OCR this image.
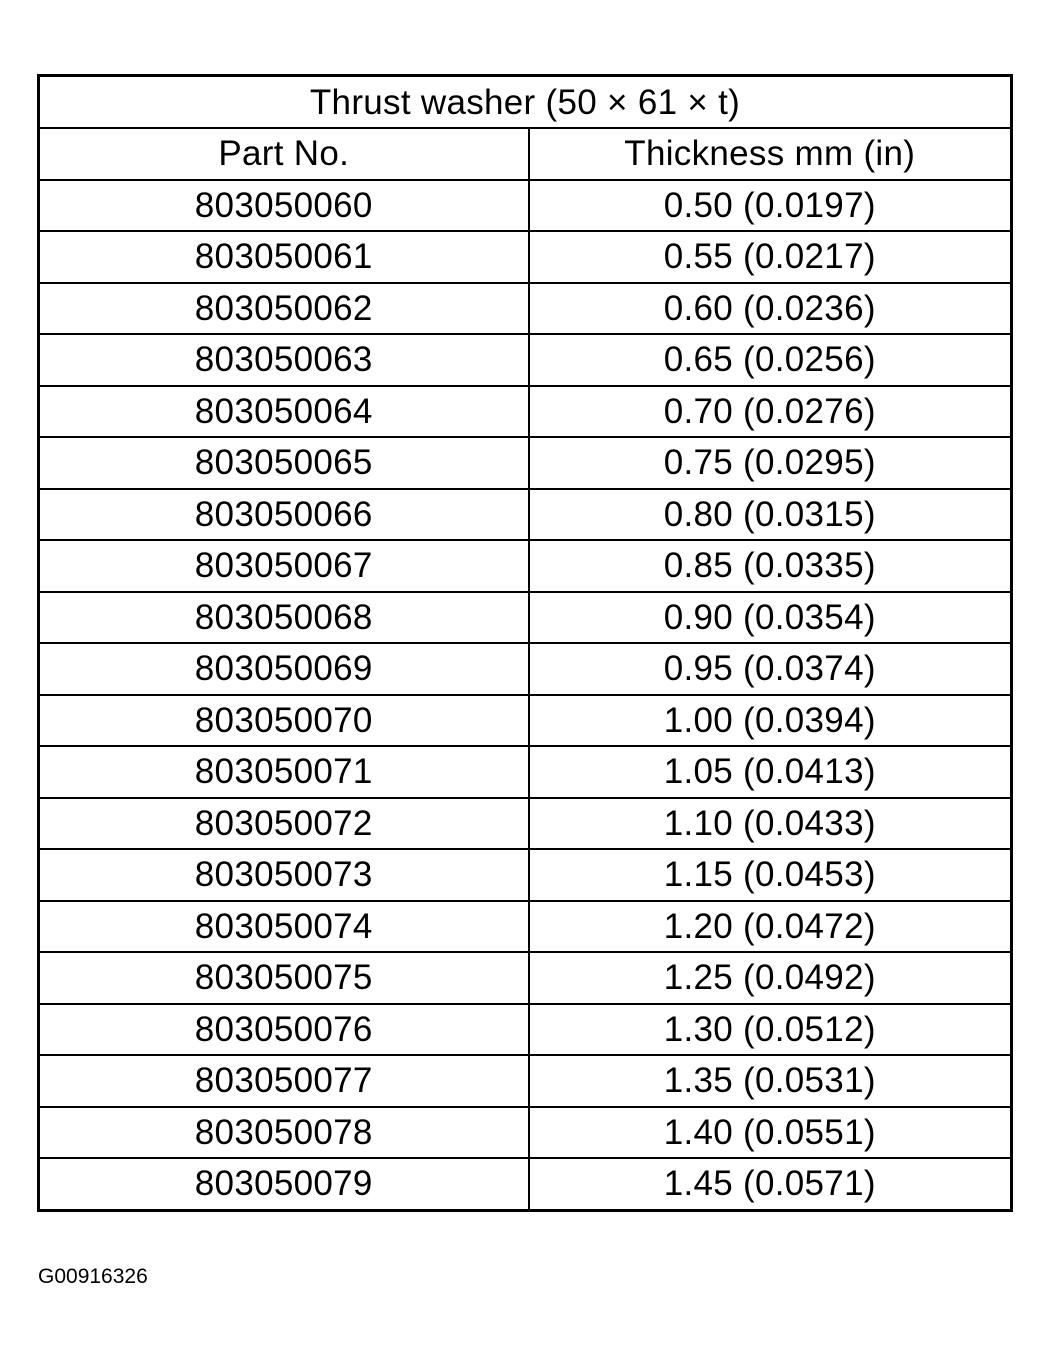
Thrust washer (50 × 61 × t)	
Part No.	Thickness mm (in)
803050060	0.50 (0.0197)
803050061	0.55 (0.0217)
803050062	0.60 (0.0236)
803050063	0.65 (0.0256)
803050064	0.70 (0.0276)
803050065	0.75 (0.0295)
803050066	0.80 (0.0315)
803050067	0.85 (0.0335)
803050068	0.90 (0.0354)
803050069	0.95 (0.0374)
803050070	1.00 (0.0394)
803050071	1.05 (0.0413)
803050072	1.10 (0.0433)
803050073	1.15 (0.0453)
803050074	1.20 (0.0472)
803050075	1.25 (0.0492)
803050076	1.30 (0.0512)
803050077	1.35 (0.0531)
803050078	1.40 (0.0551)
803050079	1.45 (0.0571)
G00916326
